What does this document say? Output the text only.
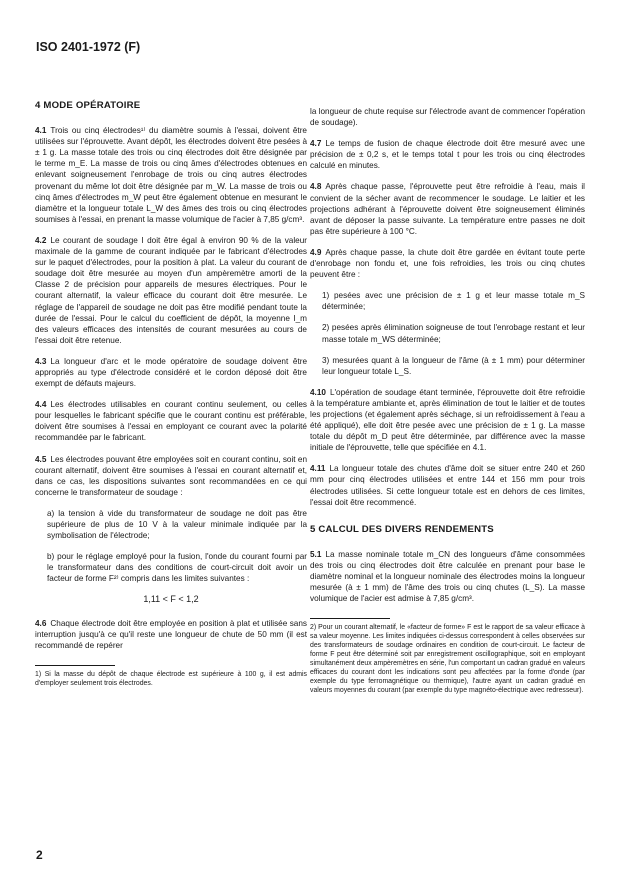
ISO 2401-1972 (F)
4 MODE OPÉRATOIRE

4.1 Trois ou cinq électrodes¹⁾ du diamètre soumis à l'essai, doivent être utilisées sur l'éprouvette. Avant dépôt, les électrodes doivent être pesées à ± 1 g. La masse totale des trois ou cinq électrodes doit être désignée par le terme m_E. La masse de trois ou cinq âmes d'électrodes obtenues en enlevant soigneusement l'enrobage de trois ou cinq autres électrodes provenant du même lot doit être désignée par m_W. La masse de trois ou cinq âmes d'électrodes m_W peut être également obtenue en mesurant le diamètre et la longueur totale L_W des âmes des trois ou cinq électrodes soumises à l'essai, en prenant la masse volumique de l'acier à 7,85 g/cm³.

4.2 Le courant de soudage I doit être égal à environ 90 % de la valeur maximale de la gamme de courant indiquée par le fabricant d'électrodes sur le paquet d'électrodes, pour la position à plat. La valeur du courant de soudage doit être mesurée au moyen d'un ampèremètre amorti de la Classe 2 de précision pour appareils de mesures électriques. Pour le courant alternatif, la valeur efficace du courant doit être mesurée. Le réglage de l'appareil de soudage ne doit pas être modifié pendant toute la durée de l'essai. Pour le calcul du coefficient de dépôt, la moyenne I_m des valeurs efficaces des intensités de courant mesurées au cours de l'essai doit être retenue.

4.3 La longueur d'arc et le mode opératoire de soudage doivent être appropriés au type d'électrode considéré et le cordon déposé doit être exempt de défauts majeurs.

4.4 Les électrodes utilisables en courant continu seulement, ou celles pour lesquelles le fabricant spécifie que le courant continu est préférable, doivent être soumises à l'essai en employant ce courant avec la polarité recommandée par le fabricant.

4.5 Les électrodes pouvant être employées soit en courant continu, soit en courant alternatif, doivent être soumises à l'essai en courant alternatif et, dans ce cas, les dispositions suivantes sont recommandées en ce qui concerne le transformateur de soudage :

a) la tension à vide du transformateur de soudage ne doit pas être supérieure de plus de 10 V à la valeur minimale indiquée par la symbolisation de l'électrode;

b) pour le réglage employé pour la fusion, l'onde du courant fourni par le transformateur dans des conditions de court-circuit doit avoir un facteur de forme F²⁾ compris dans les limites suivantes :

1,11 < F < 1,2

4.6 Chaque électrode doit être employée en position à plat et utilisée sans interruption jusqu'à ce qu'il reste une longueur de chute de 50 mm (il est recommandé de repérer

1) Si la masse du dépôt de chaque électrode est supérieure à 100 g, il est admis d'employer seulement trois électrodes.

la longueur de chute requise sur l'électrode avant de commencer l'opération de soudage).

4.7 Le temps de fusion de chaque électrode doit être mesuré avec une précision de ± 0,2 s, et le temps total t pour les trois ou cinq électrodes calculé en minutes.

4.8 Après chaque passe, l'éprouvette peut être refroidie à l'eau, mais il convient de la sécher avant de recommencer le soudage. Le laitier et les projections adhérant à l'éprouvette doivent être soigneusement éliminés avant de déposer la passe suivante. La température entre passes ne doit pas être supérieure à 100 °C.

4.9 Après chaque passe, la chute doit être gardée en évitant toute perte d'enrobage non fondu et, une fois refroidies, les trois ou cinq chutes peuvent être :

1) pesées avec une précision de ± 1 g et leur masse totale m_S déterminée;

2) pesées après élimination soigneuse de tout l'enrobage restant et leur masse totale m_WS déterminée;

3) mesurées quant à la longueur de l'âme (à ± 1 mm) pour déterminer leur longueur totale L_S.

4.10 L'opération de soudage étant terminée, l'éprouvette doit être refroidie à la température ambiante et, après élimination de tout le laitier et de toutes les projections (et également après séchage, si un refroidissement à l'eau a été appliqué), elle doit être pesée avec une précision de ± 1 g. La masse totale du dépôt m_D peut être déterminée, par différence avec la masse initiale de l'éprouvette, telle que spécifiée en 4.1.

4.11 La longueur totale des chutes d'âme doit se situer entre 240 et 260 mm pour cinq électrodes utilisées et entre 144 et 156 mm pour trois électrodes utilisées. Si cette longueur totale est en dehors de ces limites, l'essai doit être recommencé.

5 CALCUL DES DIVERS RENDEMENTS

5.1 La masse nominale totale m_CN des longueurs d'âme consommées des trois ou cinq électrodes doit être calculée en prenant pour base le diamètre nominal et la longueur nominale des électrodes moins la longueur mesurée (à ± 1 mm) de l'âme des trois ou cinq chutes (L_S). La masse volumique de l'acier est admise à 7,85 g/cm³.

2) Pour un courant alternatif, le «facteur de forme» F est le rapport de sa valeur efficace à sa valeur moyenne. Les limites indiquées ci-dessus correspondent à celles observées sur des transformateurs de soudage ordinaires en condition de court-circuit. Le facteur de forme F peut être déterminé soit par enregistrement oscillographique, soit en employant simultanément deux ampèremètres en série, l'un comportant un cadran gradué en valeurs efficaces du courant dont les indications sont peu affectées par la forme d'onde (par exemple du type ferromagnétique ou thermique), l'autre ayant un cadran gradué en valeurs moyennes du courant (par exemple du type magnéto-électrique avec redresseur).
2
